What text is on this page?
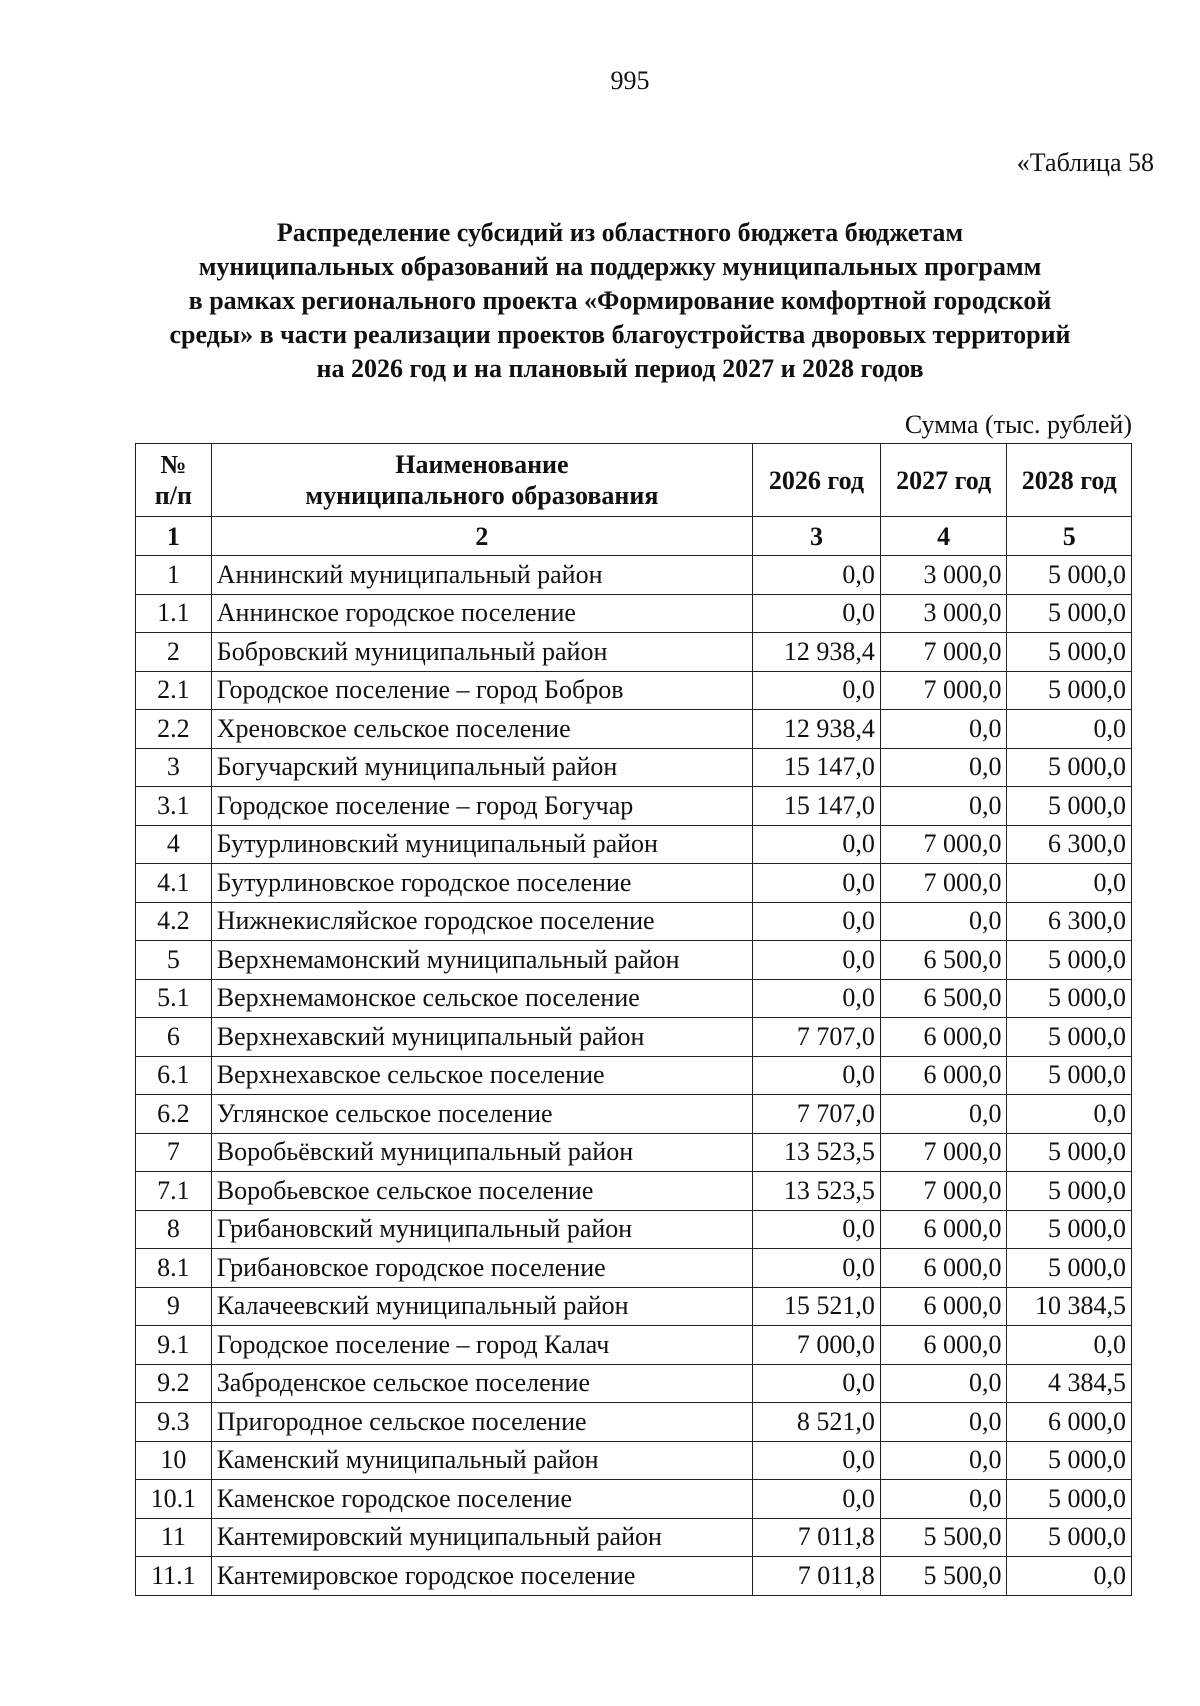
995
«Таблица 58
Распределение субсидий из областного бюджета бюджетам
муниципальных образований на поддержку муниципальных программ
в рамках регионального проекта «Формирование комфортной городской
среды» в части реализации проектов благоустройства дворовых территорий
на 2026 год и на плановый период 2027 и 2028 годов
Сумма (тыс. рублей)
№ п/п	Наименование муниципального образования	2026 год	2027 год	2028 год
1	2	3	4	5
1	Аннинский муниципальный район	0,0	3 000,0	5 000,0
1.1	Аннинское городское поселение	0,0	3 000,0	5 000,0
2	Бобровский муниципальный район	12 938,4	7 000,0	5 000,0
2.1	Городское поселение – город Бобров	0,0	7 000,0	5 000,0
2.2	Хреновское сельское поселение	12 938,4	0,0	0,0
3	Богучарский муниципальный район	15 147,0	0,0	5 000,0
3.1	Городское поселение – город Богучар	15 147,0	0,0	5 000,0
4	Бутурлиновский муниципальный район	0,0	7 000,0	6 300,0
4.1	Бутурлиновское городское поселение	0,0	7 000,0	0,0
4.2	Нижнекисляйское городское поселение	0,0	0,0	6 300,0
5	Верхнемамонский муниципальный район	0,0	6 500,0	5 000,0
5.1	Верхнемамонское сельское поселение	0,0	6 500,0	5 000,0
6	Верхнехавский муниципальный район	7 707,0	6 000,0	5 000,0
6.1	Верхнехавское сельское поселение	0,0	6 000,0	5 000,0
6.2	Углянское сельское поселение	7 707,0	0,0	0,0
7	Воробьёвский муниципальный район	13 523,5	7 000,0	5 000,0
7.1	Воробьевское сельское поселение	13 523,5	7 000,0	5 000,0
8	Грибановский муниципальный район	0,0	6 000,0	5 000,0
8.1	Грибановское городское поселение	0,0	6 000,0	5 000,0
9	Калачеевский муниципальный район	15 521,0	6 000,0	10 384,5
9.1	Городское поселение – город Калач	7 000,0	6 000,0	0,0
9.2	Заброденское сельское поселение	0,0	0,0	4 384,5
9.3	Пригородное сельское поселение	8 521,0	0,0	6 000,0
10	Каменский муниципальный район	0,0	0,0	5 000,0
10.1	Каменское городское поселение	0,0	0,0	5 000,0
11	Кантемировский муниципальный район	7 011,8	5 500,0	5 000,0
11.1	Кантемировское городское поселение	7 011,8	5 500,0	0,0
